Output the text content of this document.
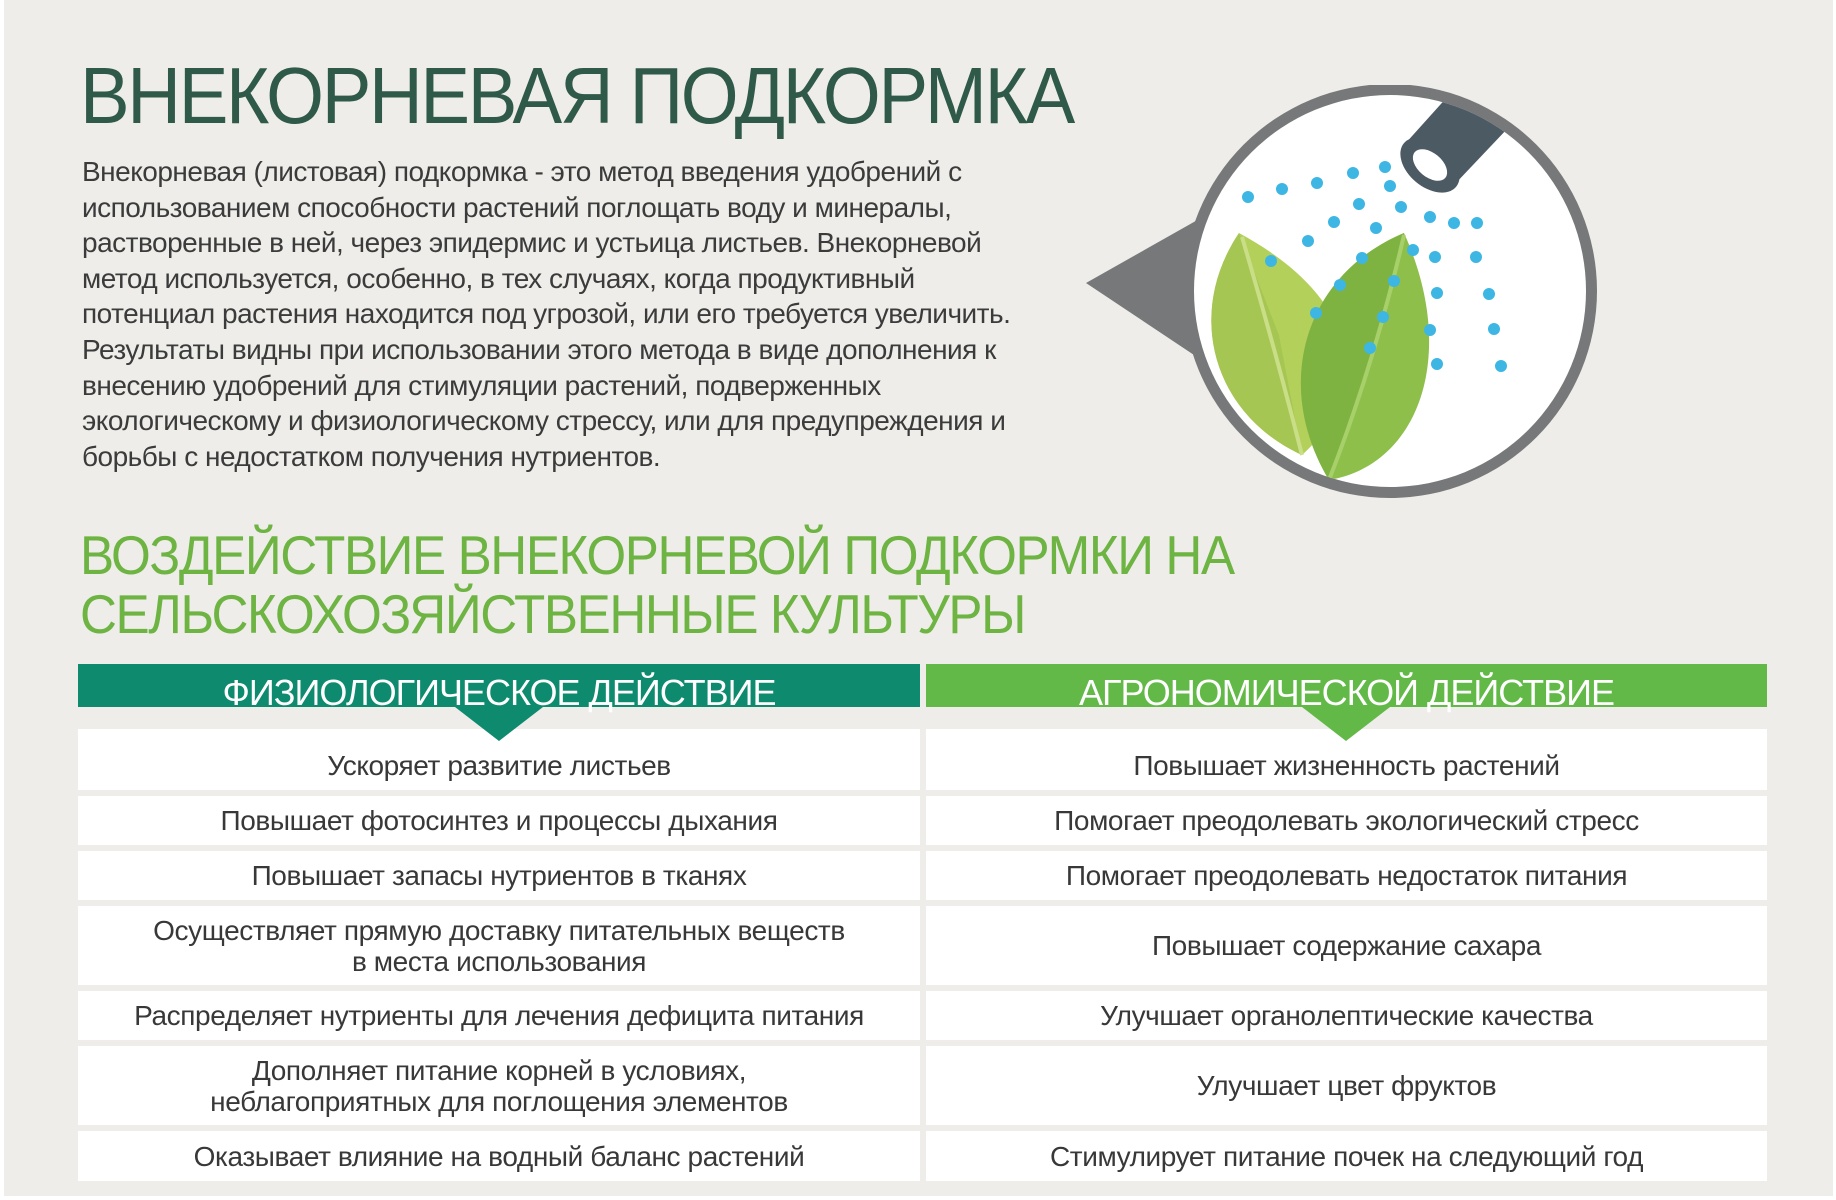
ВНЕКОРНЕВАЯ ПОДКОРМКА

Внекорневая (листовая) подкормка - это метод введения удобрений с использованием способности растений поглощать воду и минералы, растворенные в ней, через эпидермис и устьица листьев. Внекорневой метод используется, особенно, в тех случаях, когда продуктивный потенциал растения находится под угрозой, или его требуется увеличить. Результаты видны при использовании этого метода в виде дополнения к внесению удобрений для стимуляции растений, подверженных экологическому и физиологическому стрессу, или для предупреждения и борьбы с недостатком получения нутриентов.

ВОЗДЕЙСТВИЕ ВНЕКОРНЕВОЙ ПОДКОРМКИ НА
СЕЛЬСКОХОЗЯЙСТВЕННЫЕ КУЛЬТУРЫ
ФИЗИОЛОГИЧЕСКОЕ ДЕЙСТВИЕ
Ускоряет развитие листьев
Повышает фотосинтез и процессы дыхания
Повышает запасы нутриентов в тканях
Осуществляет прямую доставку питательных веществ
в места использования
Распределяет нутриенты для лечения дефицита питания
Дополняет питание корней в условиях,
неблагоприятных для поглощения элементов
Оказывает влияние на водный баланс растений
АГРОНОМИЧЕСКОЙ ДЕЙСТВИЕ
Повышает жизненность растений
Помогает преодолевать экологический стресс
Помогает преодолевать недостаток питания
Повышает содержание сахара
Улучшает органолептические качества
Улучшает цвет фруктов
Стимулирует питание почек на следующий год
